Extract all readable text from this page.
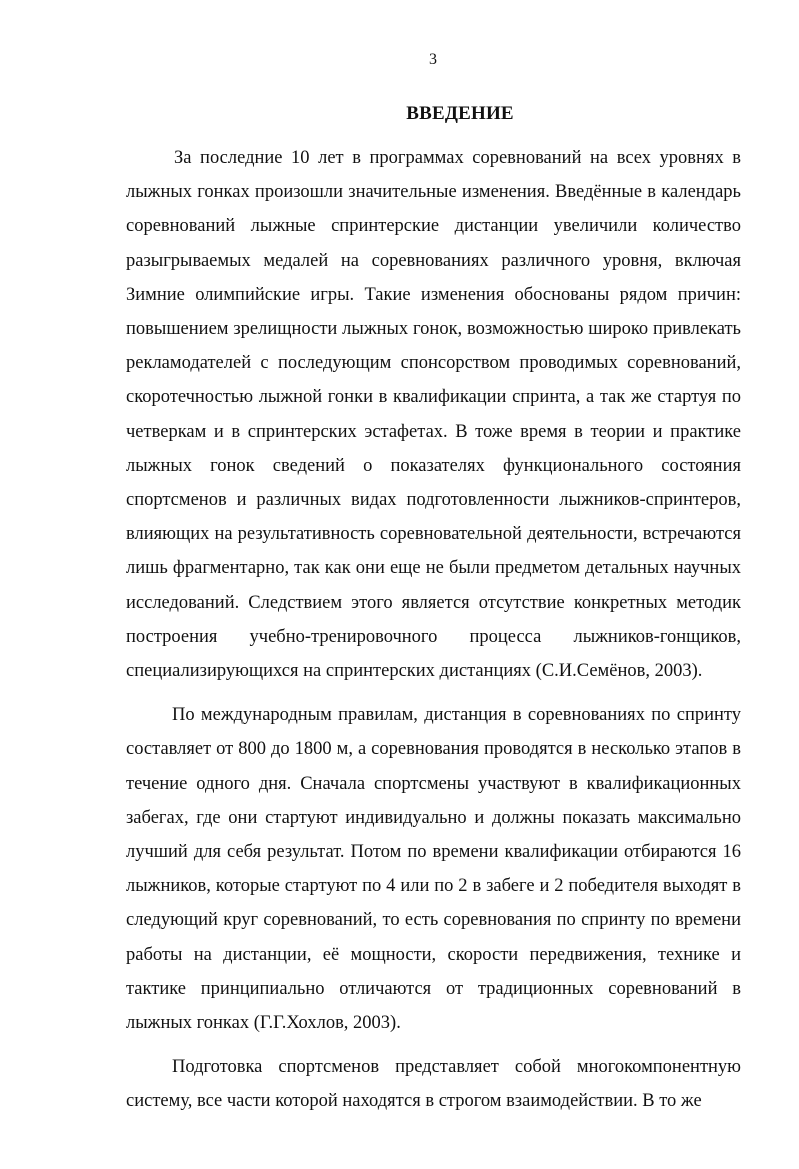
3
ВВЕДЕНИЕ

За последние 10 лет в программах соревнований на всех уровнях в лыжных гонках произошли значительные изменения. Введённые в календарь соревнований лыжные спринтерские дистанции увеличили количество разыгрываемых медалей на соревнованиях различного уровня, включая Зимние олимпийские игры. Такие изменения обоснованы рядом причин: повышением зрелищности лыжных гонок, возможностью широко привлекать рекламодателей с последующим спонсорством проводимых соревнований, скоротечностью лыжной гонки в квалификации спринта, а так же стартуя по четверкам и в спринтерских эстафетах. В тоже время в теории и практике лыжных гонок сведений о показателях функционального состояния спортсменов и различных видах подготовленности лыжников-спринтеров, влияющих на результативность соревновательной деятельности, встречаются лишь фрагментарно, так как они еще не были предметом детальных научных исследований. Следствием этого является отсутствие конкретных методик построения учебно-тренировочного процесса лыжников-гонщиков, специализирующихся на спринтерских дистанциях (С.И.Семёнов, 2003).

По международным правилам, дистанция в соревнованиях по спринту составляет от 800 до 1800 м, а соревнования проводятся в несколько этапов в течение одного дня. Сначала спортсмены участвуют в квалификационных забегах, где они стартуют индивидуально и должны показать максимально лучший для себя результат. Потом по времени квалификации отбираются 16 лыжников, которые стартуют по 4 или по 2 в забеге и 2 победителя выходят в следующий круг соревнований, то есть соревнования по спринту по времени работы на дистанции, её мощности, скорости передвижения, технике и тактике принципиально отличаются от традиционных соревнований в лыжных гонках (Г.Г.Хохлов, 2003).

Подготовка спортсменов представляет собой многокомпонентную систему, все части которой находятся в строгом взаимодействии. В то же
